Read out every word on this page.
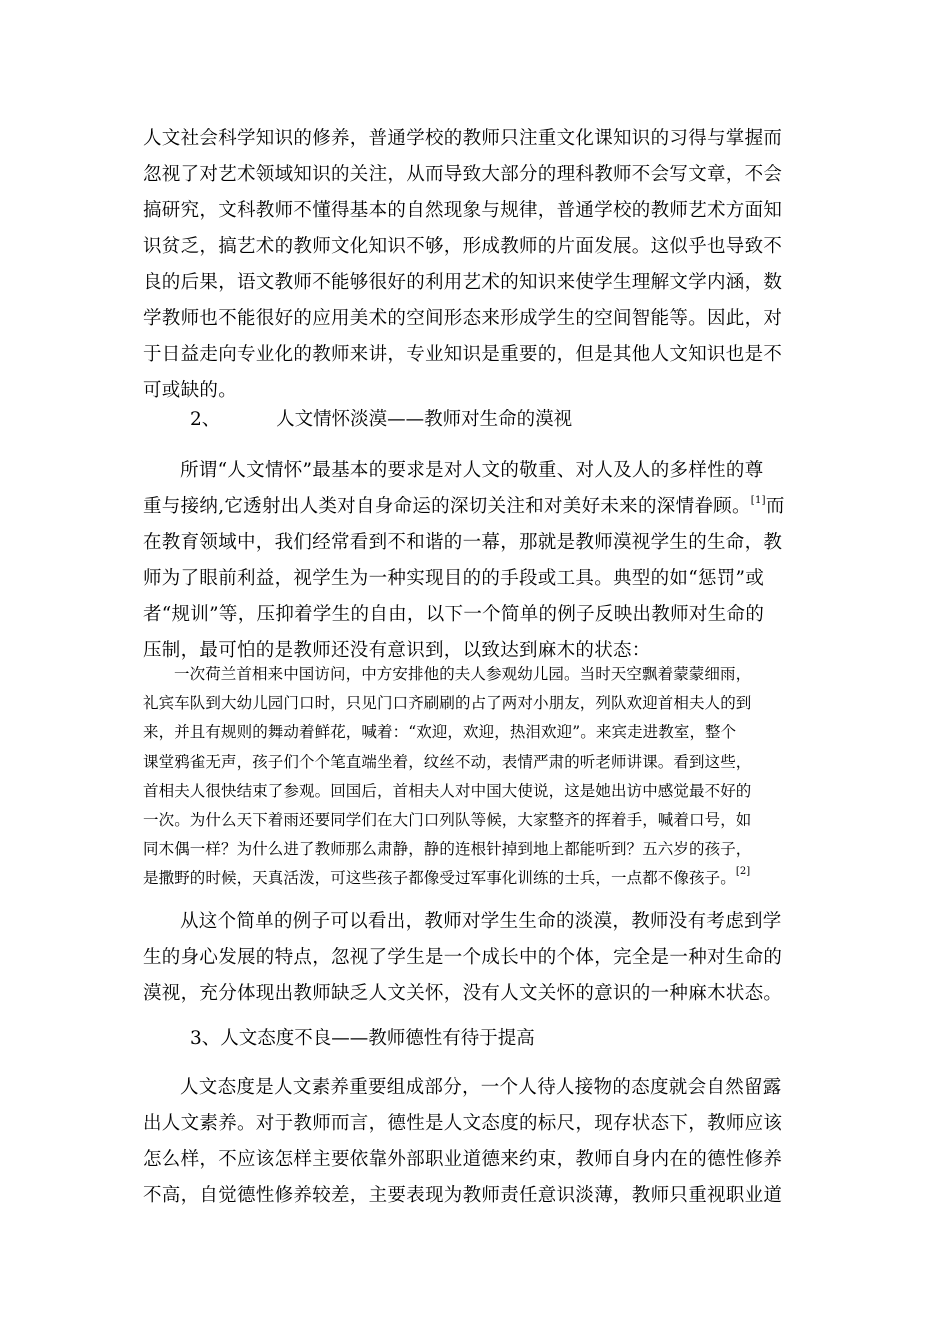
人文社会科学知识的修养，普通学校的教师只注重文化课知识的习得与掌握而
忽视了对艺术领域知识的关注，从而导致大部分的理科教师不会写文章，不会
搞研究，文科教师不懂得基本的自然现象与规律，普通学校的教师艺术方面知
识贫乏，搞艺术的教师文化知识不够，形成教师的片面发展。这似乎也导致不
良的后果，语文教师不能够很好的利用艺术的知识来使学生理解文学内涵，数
学教师也不能很好的应用美术的空间形态来形成学生的空间智能等。因此，对
于日益走向专业化的教师来讲，专业知识是重要的，但是其他人文知识也是不
可或缺的。
2、	人文情怀淡漠——教师对生命的漠视
所谓“人文情怀”最基本的要求是对人文的敬重、对人及人的多样性的尊
重与接纳,它透射出人类对自身命运的深切关注和对美好未来的深情眷顾。[1]而
在教育领域中，我们经常看到不和谐的一幕，那就是教师漠视学生的生命，教
师为了眼前利益，视学生为一种实现目的的手段或工具。典型的如“惩罚”或
者“规训”等，压抑着学生的自由，以下一个简单的例子反映出教师对生命的
压制，最可怕的是教师还没有意识到，以致达到麻木的状态：
一次荷兰首相来中国访问，中方安排他的夫人参观幼儿园。当时天空飘着蒙蒙细雨，
礼宾车队到大幼儿园门口时，只见门口齐刷刷的占了两对小朋友，列队欢迎首相夫人的到
来，并且有规则的舞动着鲜花，喊着：“欢迎，欢迎，热泪欢迎”。来宾走进教室，整个
课堂鸦雀无声，孩子们个个笔直端坐着，纹丝不动，表情严肃的听老师讲课。看到这些，
首相夫人很快结束了参观。回国后，首相夫人对中国大使说，这是她出访中感觉最不好的
一次。为什么天下着雨还要同学们在大门口列队等候，大家整齐的挥着手，喊着口号，如
同木偶一样？为什么进了教师那么肃静，静的连根针掉到地上都能听到？五六岁的孩子，
是撒野的时候，天真活泼，可这些孩子都像受过军事化训练的士兵，一点都不像孩子。[2]
从这个简单的例子可以看出，教师对学生生命的淡漠，教师没有考虑到学
生的身心发展的特点，忽视了学生是一个成长中的个体，完全是一种对生命的
漠视，充分体现出教师缺乏人文关怀，没有人文关怀的意识的一种麻木状态。
3、人文态度不良——教师德性有待于提高
人文态度是人文素养重要组成部分，一个人待人接物的态度就会自然留露
出人文素养。对于教师而言，德性是人文态度的标尺，现存状态下，教师应该
怎么样，不应该怎样主要依靠外部职业道德来约束，教师自身内在的德性修养
不高，自觉德性修养较差，主要表现为教师责任意识淡薄，教师只重视职业道
